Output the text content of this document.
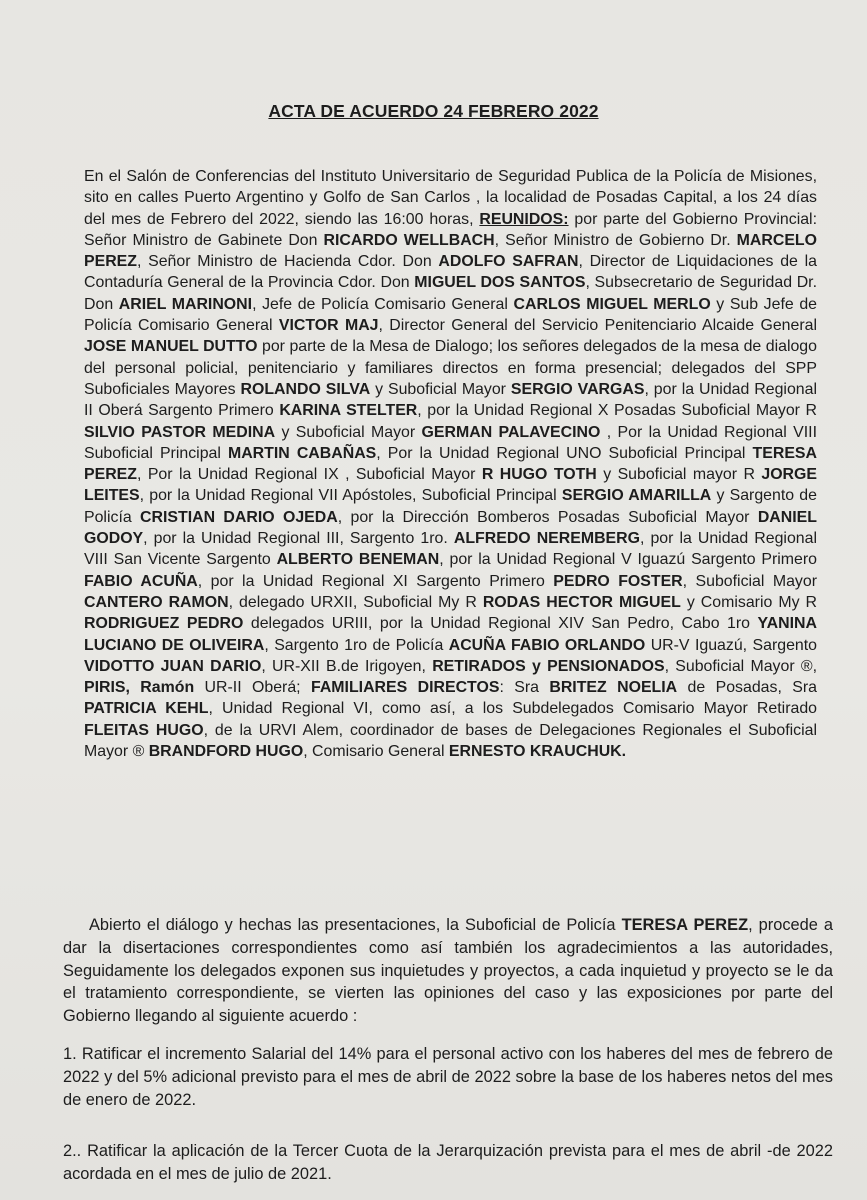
ACTA DE ACUERDO 24 FEBRERO 2022
En el Salón de Conferencias del Instituto Universitario de Seguridad Publica de la Policía de Misiones, sito en calles Puerto Argentino y Golfo de San Carlos , la localidad de Posadas Capital, a los 24 días del mes de Febrero del 2022, siendo las 16:00 horas, REUNIDOS: por parte del Gobierno Provincial: Señor Ministro de Gabinete Don RICARDO WELLBACH, Señor Ministro de Gobierno Dr. MARCELO PEREZ, Señor Ministro de Hacienda Cdor. Don ADOLFO SAFRAN, Director de Liquidaciones de la Contaduría General de la Provincia Cdor. Don MIGUEL DOS SANTOS, Subsecretario de Seguridad Dr. Don ARIEL MARINONI, Jefe de Policía Comisario General CARLOS MIGUEL MERLO y Sub Jefe de Policía Comisario General VICTOR MAJ, Director General del Servicio Penitenciario Alcaide General JOSE MANUEL DUTTO por parte de la Mesa de Dialogo; los señores delegados de la mesa de dialogo del personal policial, penitenciario y familiares directos en forma presencial; delegados del SPP Suboficiales Mayores ROLANDO SILVA y Suboficial Mayor SERGIO VARGAS, por la Unidad Regional II Oberá Sargento Primero KARINA STELTER, por la Unidad Regional X Posadas Suboficial Mayor R SILVIO PASTOR MEDINA y Suboficial Mayor GERMAN PALAVECINO , Por la Unidad Regional VIII Suboficial Principal MARTIN CABAÑAS, Por la Unidad Regional UNO Suboficial Principal TERESA PEREZ, Por la Unidad Regional IX , Suboficial Mayor R HUGO TOTH y Suboficial mayor R JORGE LEITES, por la Unidad Regional VII Apóstoles, Suboficial Principal SERGIO AMARILLA y Sargento de Policía CRISTIAN DARIO OJEDA, por la Dirección Bomberos Posadas Suboficial Mayor DANIEL GODOY, por la Unidad Regional III, Sargento 1ro. ALFREDO NEREMBERG, por la Unidad Regional VIII San Vicente Sargento ALBERTO BENEMAN, por la Unidad Regional V Iguazú Sargento Primero FABIO ACUÑA, por la Unidad Regional XI Sargento Primero PEDRO FOSTER, Suboficial Mayor CANTERO RAMON, delegado URXII, Suboficial My R RODAS HECTOR MIGUEL y Comisario My R RODRIGUEZ PEDRO delegados URIII, por la Unidad Regional XIV San Pedro, Cabo 1ro YANINA LUCIANO DE OLIVEIRA, Sargento 1ro de Policía ACUÑA FABIO ORLANDO UR-V Iguazú, Sargento VIDOTTO JUAN DARIO, UR-XII B.de Irigoyen, RETIRADOS y PENSIONADOS, Suboficial Mayor ®, PIRIS, Ramón UR-II Oberá; FAMILIARES DIRECTOS: Sra BRITEZ NOELIA de Posadas, Sra PATRICIA KEHL, Unidad Regional VI, como así, a los Subdelegados Comisario Mayor Retirado FLEITAS HUGO, de la URVI Alem, coordinador de bases de Delegaciones Regionales el Suboficial Mayor ® BRANDFORD HUGO, Comisario General ERNESTO KRAUCHUK.
Abierto el diálogo y hechas las presentaciones, la Suboficial de Policía TERESA PEREZ, procede a dar la disertaciones correspondientes como así también los agradecimientos a las autoridades, Seguidamente los delegados exponen sus inquietudes y proyectos, a cada inquietud y proyecto se le da el tratamiento correspondiente, se vierten las opiniones del caso y las exposiciones por parte del Gobierno llegando al siguiente acuerdo :
1. Ratificar el incremento Salarial del 14% para el personal activo con los haberes del mes de febrero de 2022 y del 5% adicional previsto para el mes de abril de 2022 sobre la base de los haberes netos del mes de enero de 2022.
2.. Ratificar la aplicación de la Tercer Cuota de la Jerarquización prevista para el mes de abril -de 2022 acordada en el mes de julio de 2021.
